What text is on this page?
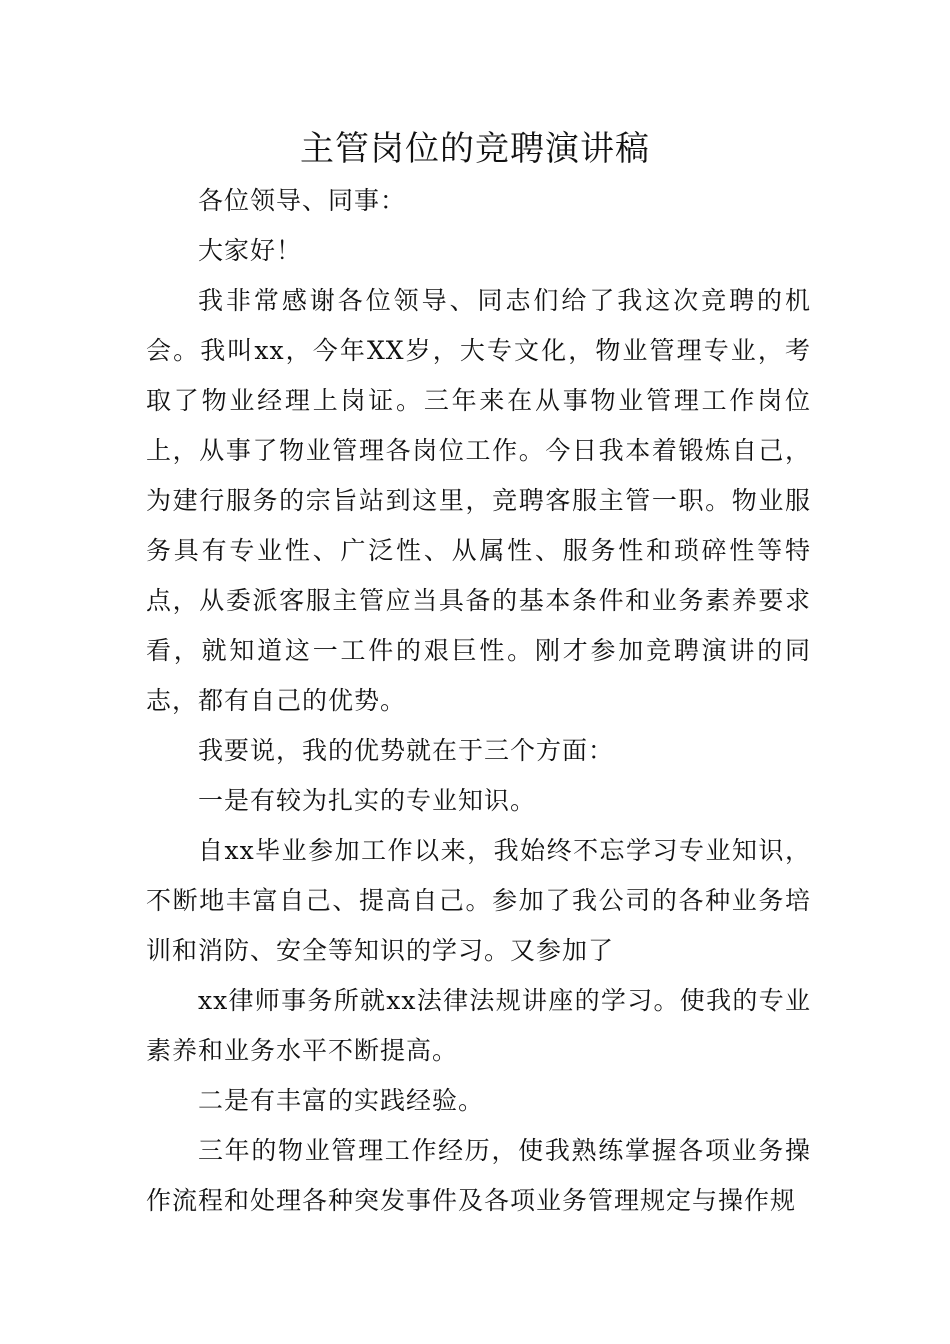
主管岗位的竞聘演讲稿

各位领导、同事：

大家好！

我非常感谢各位领导、同志们给了我这次竞聘的机会。我叫xx，今年XX岁，大专文化，物业管理专业，考取了物业经理上岗证。三年来在从事物业管理工作岗位上，从事了物业管理各岗位工作。今日我本着锻炼自己，为建行服务的宗旨站到这里，竞聘客服主管一职。物业服务具有专业性、广泛性、从属性、服务性和琐碎性等特点，从委派客服主管应当具备的基本条件和业务素养要求看，就知道这一工件的艰巨性。刚才参加竞聘演讲的同志，都有自己的优势。

我要说，我的优势就在于三个方面：

一是有较为扎实的专业知识。

自xx毕业参加工作以来，我始终不忘学习专业知识，不断地丰富自己、提高自己。参加了我公司的各种业务培训和消防、安全等知识的学习。又参加了

xx律师事务所就xx法律法规讲座的学习。使我的专业素养和业务水平不断提高。

二是有丰富的实践经验。

三年的物业管理工作经历，使我熟练掌握各项业务操作流程和处理各种突发事件及各项业务管理规定与操作规
